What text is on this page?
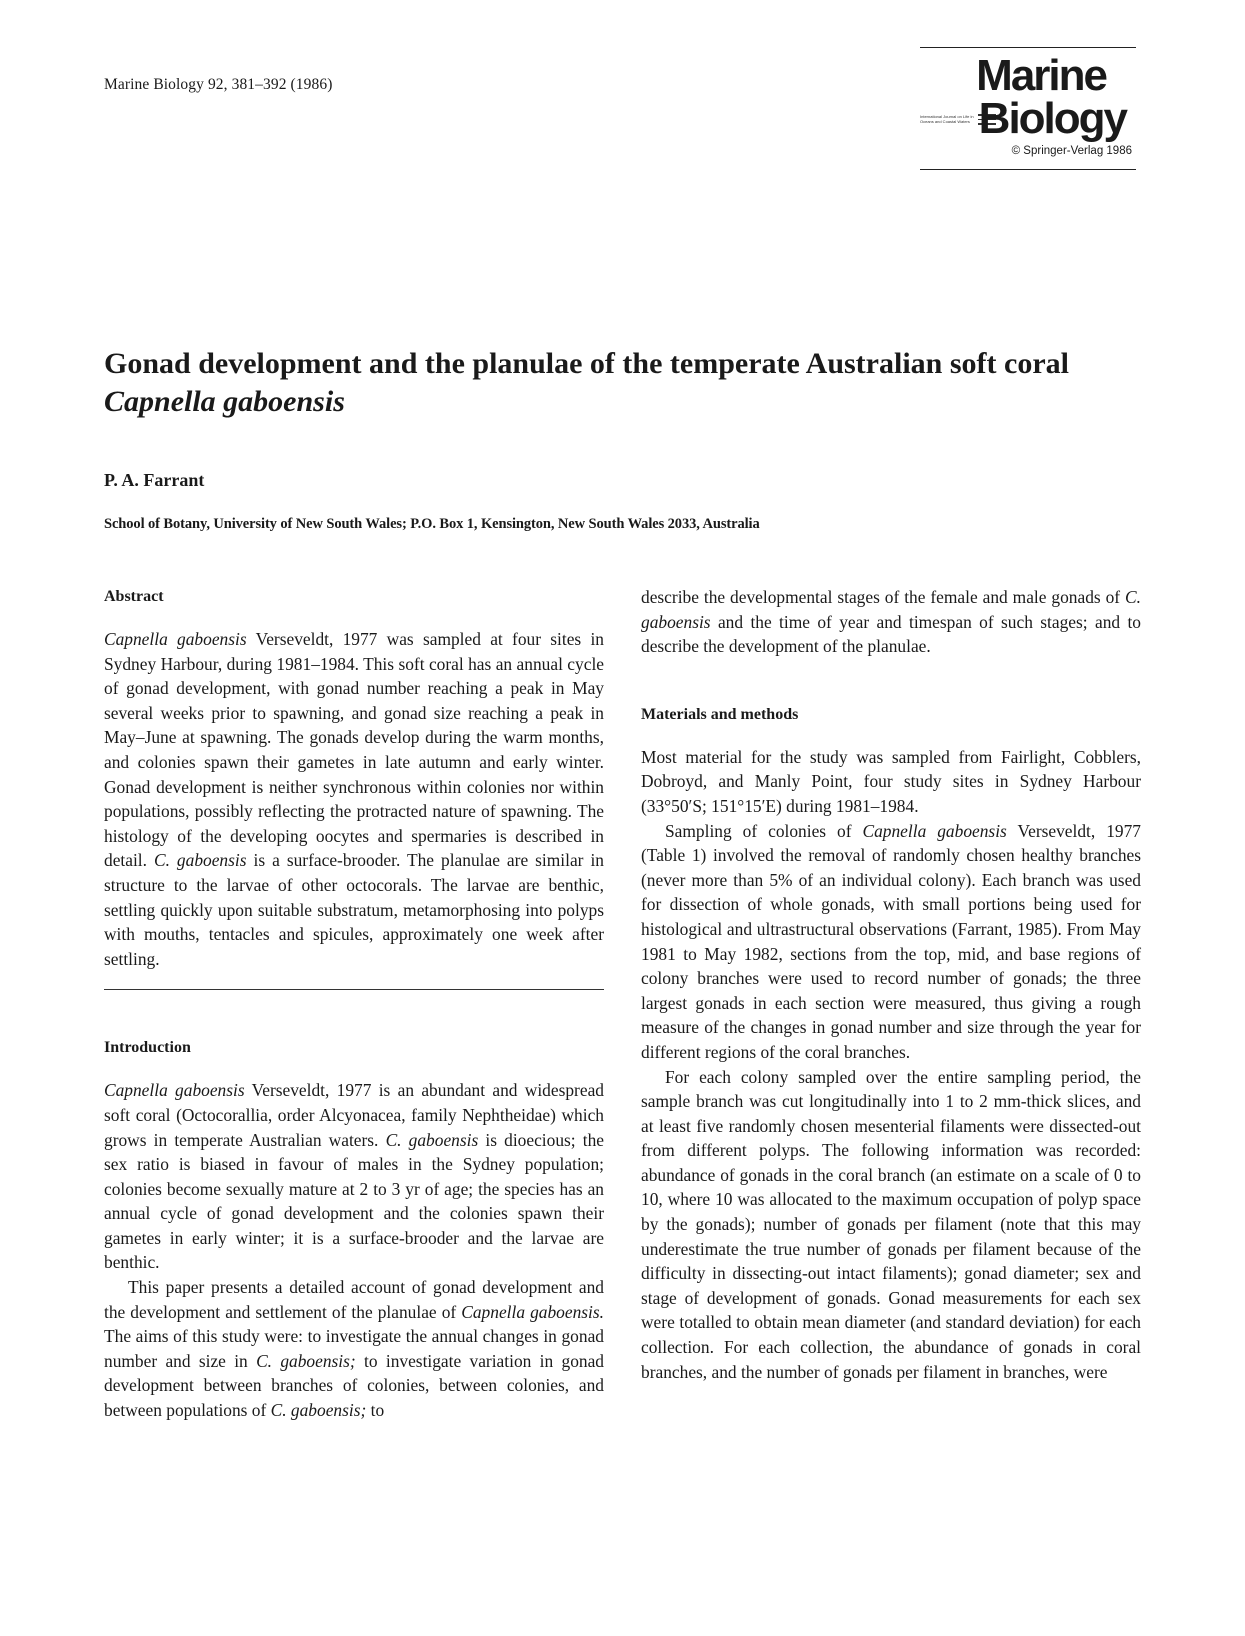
Marine Biology 92, 381–392 (1986)	Marine
International Journal on Life in Oceans and Coastal Waters Biology
© Springer-Verlag 1986
Gonad development and the planulae of the temperate Australian soft coral Capnella gaboensis
P. A. Farrant
School of Botany, University of New South Wales; P.O. Box 1, Kensington, New South Wales 2033, Australia
Abstract

Capnella gaboensis Verseveldt, 1977 was sampled at four sites in Sydney Harbour, during 1981–1984. This soft coral has an annual cycle of gonad development, with gonad number reaching a peak in May several weeks prior to spawning, and gonad size reaching a peak in May–June at spawning. The gonads develop during the warm months, and colonies spawn their gametes in late autumn and early winter. Gonad development is neither synchronous within colonies nor within populations, possibly reflecting the protracted nature of spawning. The histology of the developing oocytes and spermaries is described in detail. C. gaboensis is a surface-brooder. The planulae are similar in structure to the larvae of other octocorals. The larvae are benthic, settling quickly upon suitable substratum, metamorphosing into polyps with mouths, tentacles and spicules, approximately one week after settling.

Introduction

Capnella gaboensis Verseveldt, 1977 is an abundant and widespread soft coral (Octocorallia, order Alcyonacea, family Nephtheidae) which grows in temperate Australian waters. C. gaboensis is dioecious; the sex ratio is biased in favour of males in the Sydney population; colonies become sexually mature at 2 to 3 yr of age; the species has an annual cycle of gonad development and the colonies spawn their gametes in early winter; it is a surface-brooder and the larvae are benthic.

This paper presents a detailed account of gonad development and the development and settlement of the planulae of Capnella gaboensis. The aims of this study were: to investigate the annual changes in gonad number and size in C. gaboensis; to investigate variation in gonad development between branches of colonies, between colonies, and between populations of C. gaboensis; to

describe the developmental stages of the female and male gonads of C. gaboensis and the time of year and timespan of such stages; and to describe the development of the planulae.

Materials and methods

Most material for the study was sampled from Fairlight, Cobblers, Dobroyd, and Manly Point, four study sites in Sydney Harbour (33°50′S; 151°15′E) during 1981–1984.

Sampling of colonies of Capnella gaboensis Verseveldt, 1977 (Table 1) involved the removal of randomly chosen healthy branches (never more than 5% of an individual colony). Each branch was used for dissection of whole gonads, with small portions being used for histological and ultrastructural observations (Farrant, 1985). From May 1981 to May 1982, sections from the top, mid, and base regions of colony branches were used to record number of gonads; the three largest gonads in each section were measured, thus giving a rough measure of the changes in gonad number and size through the year for different regions of the coral branches.

For each colony sampled over the entire sampling period, the sample branch was cut longitudinally into 1 to 2 mm-thick slices, and at least five randomly chosen mesenterial filaments were dissected-out from different polyps. The following information was recorded: abundance of gonads in the coral branch (an estimate on a scale of 0 to 10, where 10 was allocated to the maximum occupation of polyp space by the gonads); number of gonads per filament (note that this may underestimate the true number of gonads per filament because of the difficulty in dissecting-out intact filaments); gonad diameter; sex and stage of development of gonads. Gonad measurements for each sex were totalled to obtain mean diameter (and standard deviation) for each collection. For each collection, the abundance of gonads in coral branches, and the number of gonads per filament in branches, were
